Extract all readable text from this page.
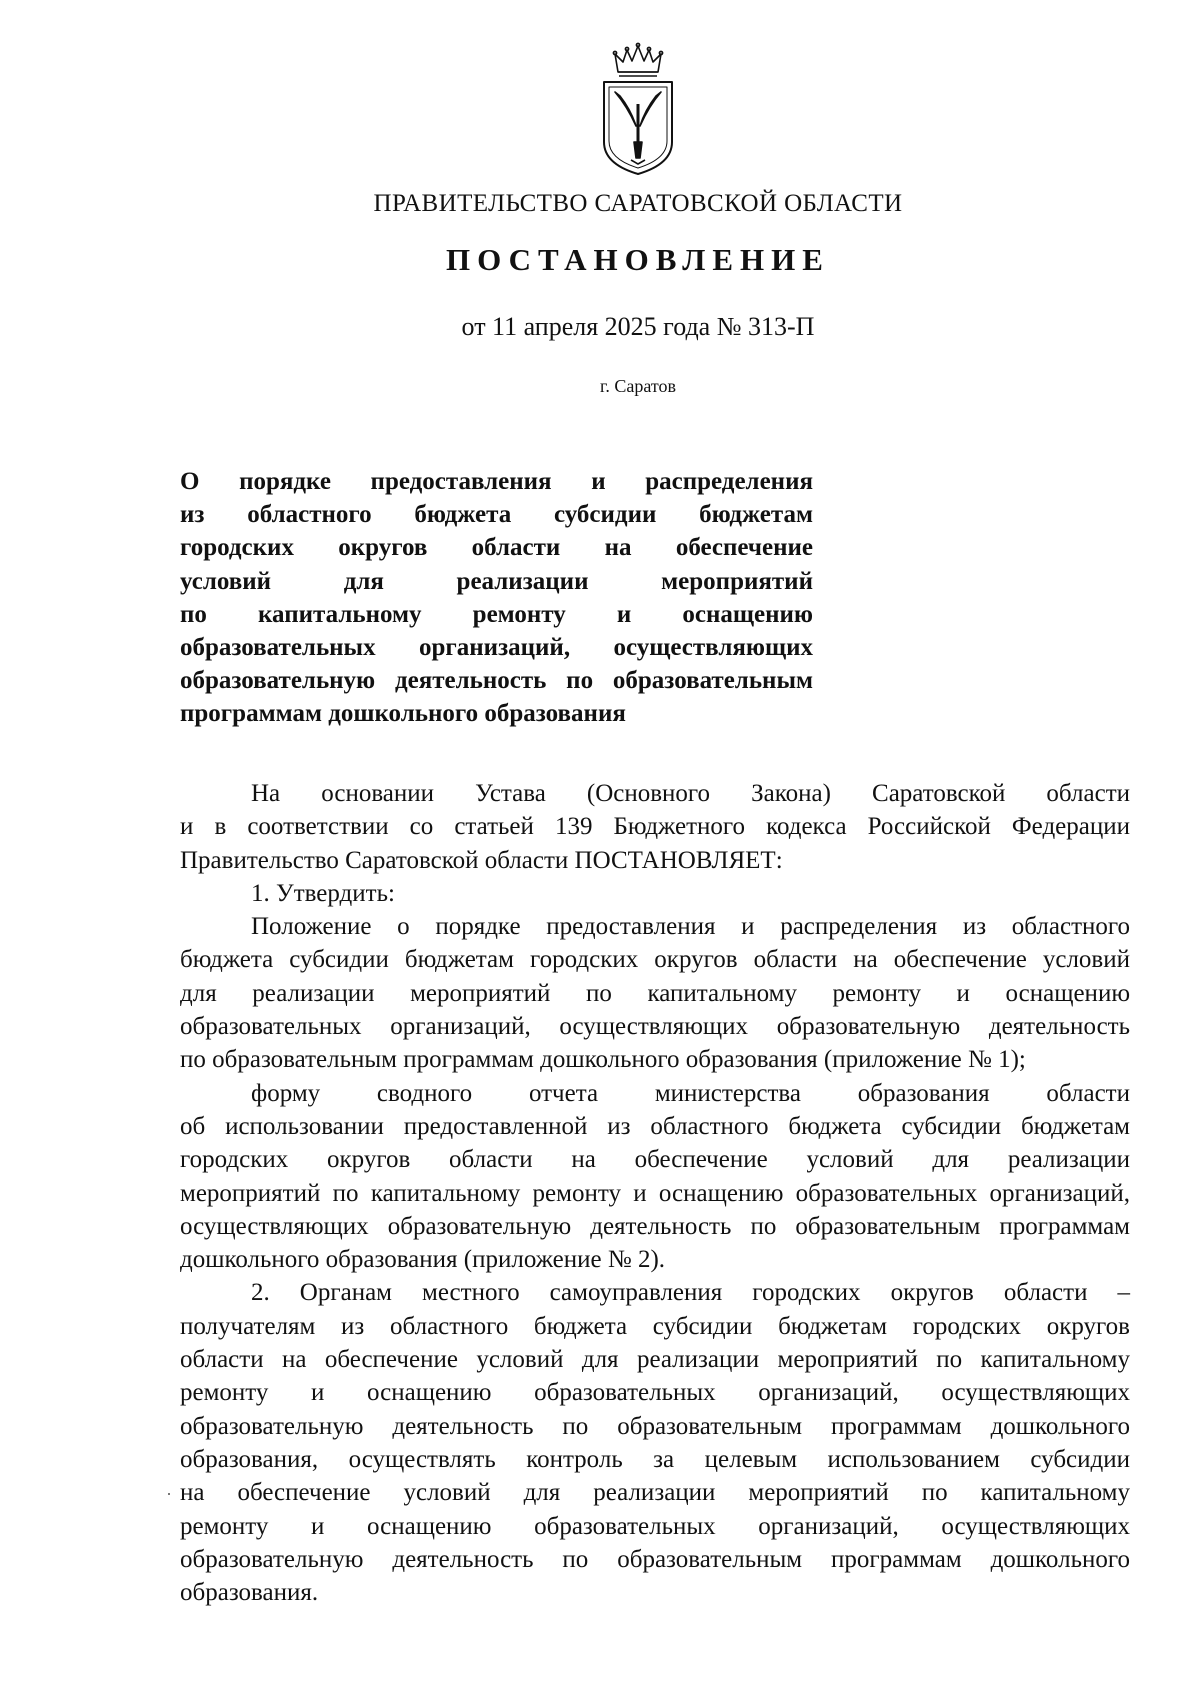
ПРАВИТЕЛЬСТВО САРАТОВСКОЙ ОБЛАСТИ
ПОСТАНОВЛЕНИЕ
от 11 апреля 2025 года № 313-П
г. Саратов
О порядке предоставления и распределения
из областного бюджета субсидии бюджетам
городских округов области на обеспечение
условий для реализации мероприятий
по капитальному ремонту и оснащению
образовательных организаций, осуществляющих
образовательную деятельность по образовательным
программам дошкольного образования
На основании Устава (Основного Закона) Саратовской области
и в соответствии со статьей 139 Бюджетного кодекса Российской Федерации
Правительство Саратовской области ПОСТАНОВЛЯЕТ:
1. Утвердить:
Положение о порядке предоставления и распределения из областного
бюджета субсидии бюджетам городских округов области на обеспечение условий
для реализации мероприятий по капитальному ремонту и оснащению
образовательных организаций, осуществляющих образовательную деятельность
по образовательным программам дошкольного образования (приложение № 1);
форму сводного отчета министерства образования области
об использовании предоставленной из областного бюджета субсидии бюджетам
городских округов области на обеспечение условий для реализации
мероприятий по капитальному ремонту и оснащению образовательных организаций,
осуществляющих образовательную деятельность по образовательным программам
дошкольного образования (приложение № 2).
2. Органам местного самоуправления городских округов области –
получателям из областного бюджета субсидии бюджетам городских округов
области на обеспечение условий для реализации мероприятий по капитальному
ремонту и оснащению образовательных организаций, осуществляющих
образовательную деятельность по образовательным программам дошкольного
образования, осуществлять контроль за целевым использованием субсидии
на обеспечение условий для реализации мероприятий по капитальному
ремонту и оснащению образовательных организаций, осуществляющих
образовательную деятельность по образовательным программам дошкольного
образования.
